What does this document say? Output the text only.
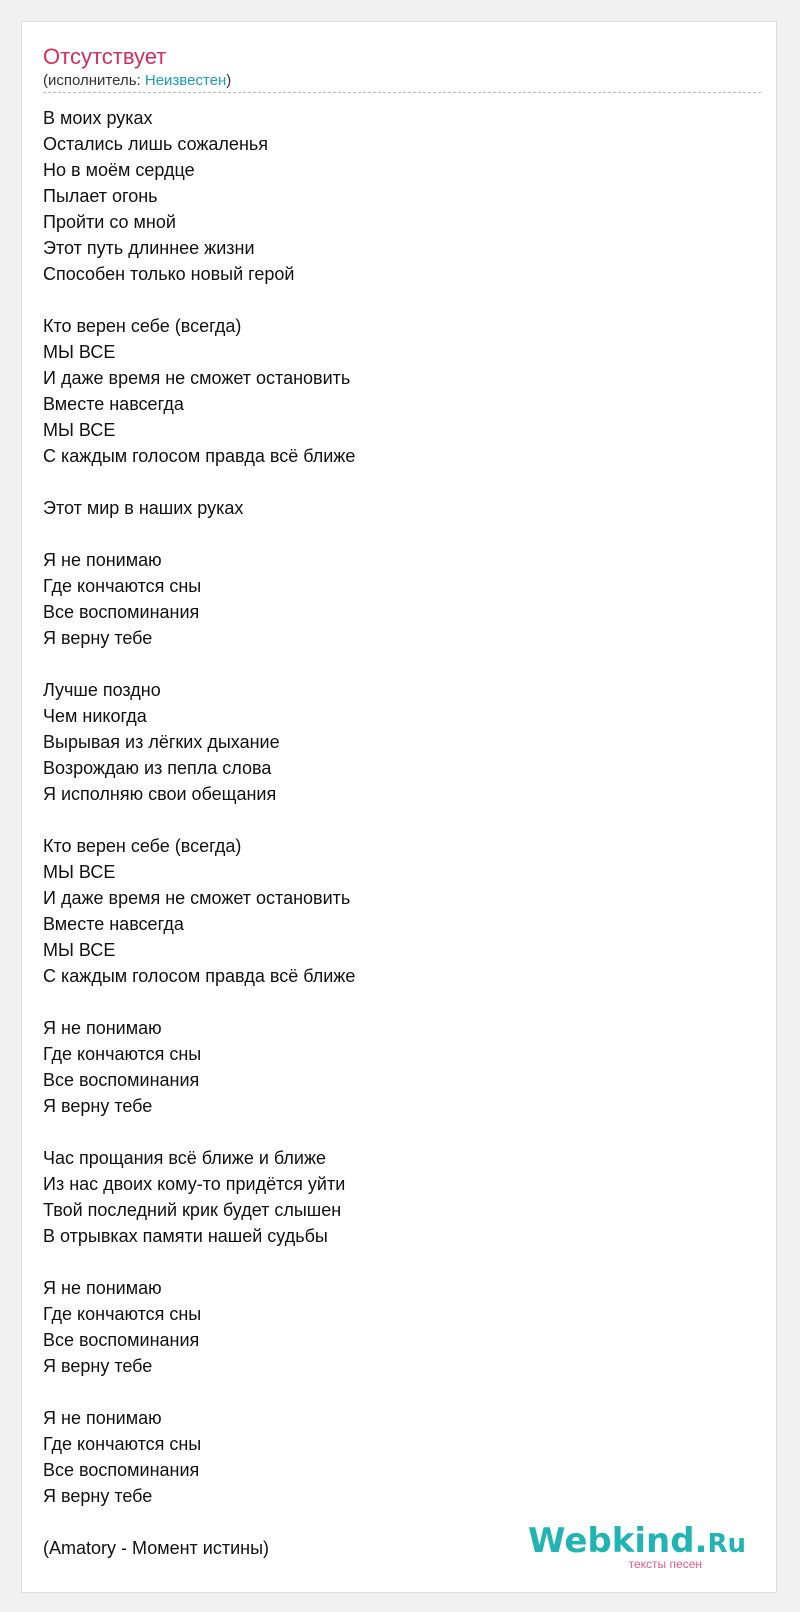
Отсутствует
(исполнитель: Неизвестен)
В моих руках
Остались лишь сожаленья
Но в моём сердце
Пылает огонь
Пройти со мной
Этот путь длиннее жизни
Способен только новый герой
Кто верен себе (всегда)
МЫ ВСЕ
И даже время не сможет остановить
Вместе навсегда
МЫ ВСЕ
С каждым голосом правда всё ближе
Этот мир в наших руках
Я не понимаю
Где кончаются сны
Все воспоминания
Я верну тебе
Лучше поздно
Чем никогда
Вырывая из лёгких дыхание
Возрождаю из пепла слова
Я исполняю свои обещания
Кто верен себе (всегда)
МЫ ВСЕ
И даже время не сможет остановить
Вместе навсегда
МЫ ВСЕ
С каждым голосом правда всё ближе
Я не понимаю
Где кончаются сны
Все воспоминания
Я верну тебе
Час прощания всё ближе и ближе
Из нас двоих кому-то придётся уйти
Твой последний крик будет слышен
В отрывках памяти нашей судьбы
Я не понимаю
Где кончаются сны
Все воспоминания
Я верну тебе
Я не понимаю
Где кончаются сны
Все воспоминания
Я верну тебе
(Amatory - Момент истины)	Webkind.Ru
тексты песен
